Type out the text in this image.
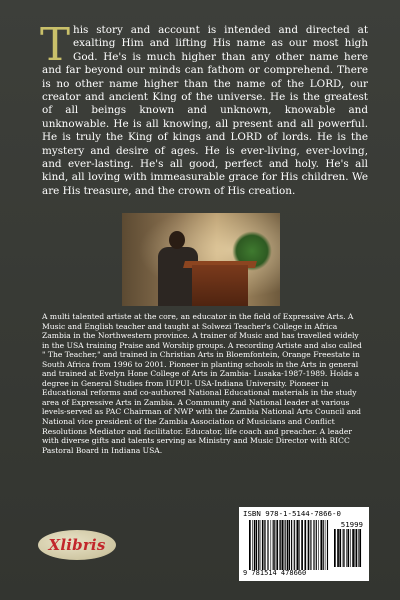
This story and account is intended and directed at exalting Him and lifting His name as our most high God. He's is much higher than any other name here and far beyond our minds can fathom or comprehend. There is no other name higher than the name of the LORD, our creator and ancient King of the universe. He is the greatest of all beings known and unknown, knowable and unknowable. He is all knowing, all present and all powerful. He is truly the King of kings and LORD of lords. He is the mystery and desire of ages. He is ever-living, ever-loving, and ever-lasting. He's all good, perfect and holy. He's all kind, all loving with immeasurable grace for His children. We are His treasure, and the crown of His creation.

A multi talented artiste at the core, an educator in the field of Expressive Arts. A Music and English teacher and taught at Solwezi Teacher's College in Africa Zambia in the Northwestern province. A trainer of Music and has travelled widely in the USA training Praise and Worship groups. A recording Artiste and also called " The Teacher," and trained in Christian Arts in Bloemfontein, Orange Freestate in South Africa from 1996 to 2001. Pioneer in planting schools in the Arts in general and trained at Evelyn Hone College of Arts in Zambia- Lusaka-1987-1989. Holds a degree in General Studies from IUPUI- USA-Indiana University. Pioneer in Educational reforms and co-authored National Educational materials in the study area of Expressive Arts in Zambia. A Community and National leader at various levels-served as PAC Chairman of NWP with the Zambia National Arts Council and National vice president of the Zambia Association of Musicians and Conflict Resolutions Mediator and facilitator. Educator, life coach and preacher. A leader with diverse gifts and talents serving as Ministry and Music Director with RICC Pastoral Board in Indiana USA.

Xlibris
ISBN 978-1-5144-7866-0
51999
9 781514 478660
